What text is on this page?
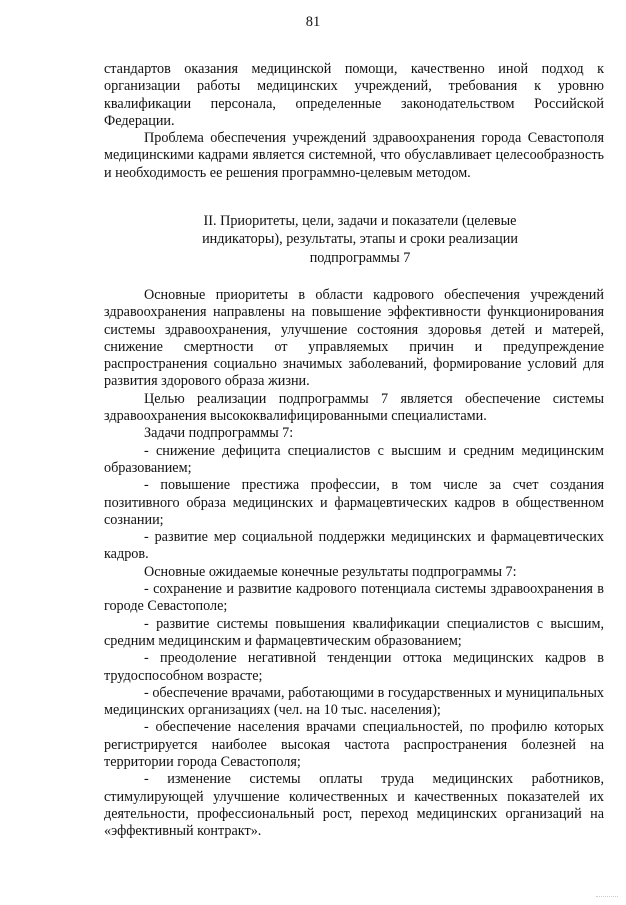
81

стандартов оказания медицинской помощи, качественно иной подход к организации работы медицинских учреждений, требования к уровню квалификации персонала, определенные законодательством Российской Федерации.

Проблема обеспечения учреждений здравоохранения города Севастополя медицинскими кадрами является системной, что обуславливает целесообразность и необходимость ее решения программно-целевым методом.

II. Приоритеты, цели, задачи и показатели (целевые

индикаторы), результаты, этапы и сроки реализации

подпрограммы 7

Основные приоритеты в области кадрового обеспечения учреждений здравоохранения направлены на повышение эффективности функционирования системы здравоохранения, улучшение состояния здоровья детей и матерей, снижение смертности от управляемых причин и предупреждение распространения социально значимых заболеваний, формирование условий для развития здорового образа жизни.

Целью реализации подпрограммы 7 является обеспечение системы здравоохранения высококвалифицированными специалистами.

Задачи подпрограммы 7:

- снижение дефицита специалистов с высшим и средним медицинским образованием;

- повышение престижа профессии, в том числе за счет создания позитивного образа медицинских и фармацевтических кадров в общественном сознании;

- развитие мер социальной поддержки медицинских и фармацевтических кадров.

Основные ожидаемые конечные результаты подпрограммы 7:

- сохранение и развитие кадрового потенциала системы здравоохранения в городе Севастополе;

- развитие системы повышения квалификации специалистов с высшим, средним медицинским и фармацевтическим образованием;

- преодоление негативной тенденции оттока медицинских кадров в трудоспособном возрасте;

- обеспечение врачами, работающими в государственных и муниципальных медицинских организациях (чел. на 10 тыс. населения);

- обеспечение населения врачами специальностей, по профилю которых регистрируется наиболее высокая частота распространения болезней на территории города Севастополя;

- изменение системы оплаты труда медицинских работников, стимулирующей улучшение количественных и качественных показателей их деятельности, профессиональный рост, переход медицинских организаций на «эффективный контракт».
